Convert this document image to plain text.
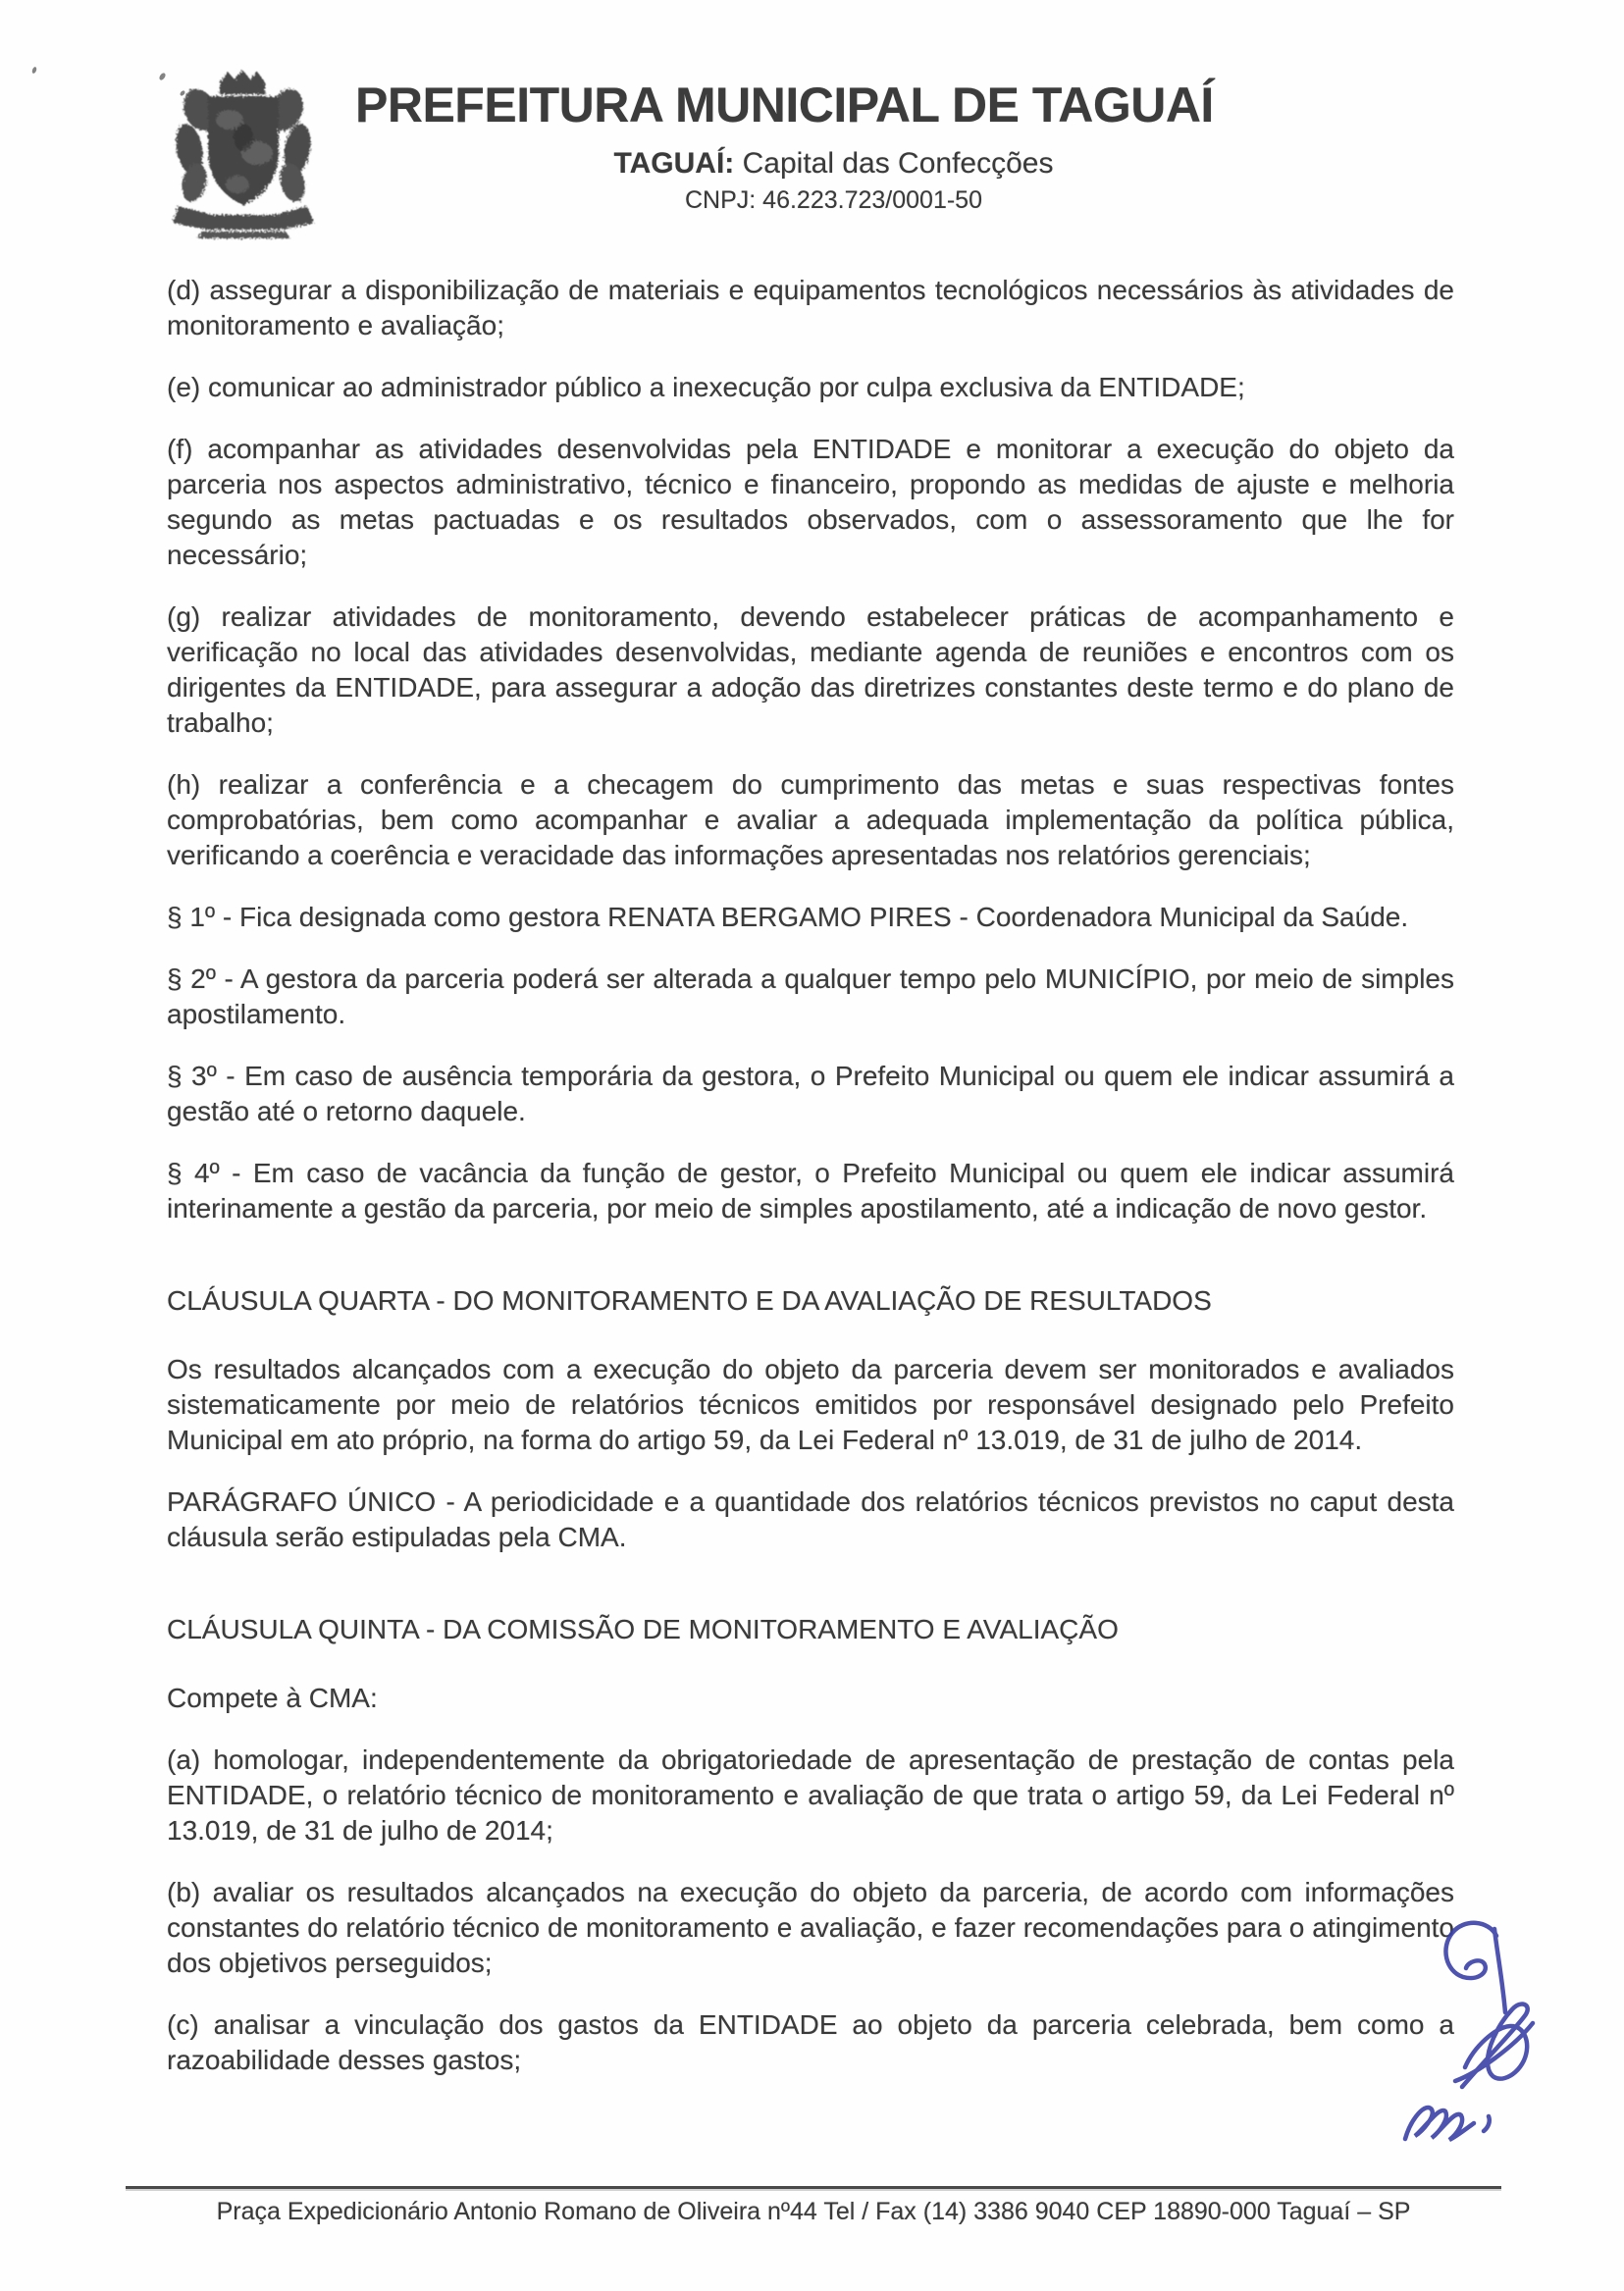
PREFEITURA MUNICIPAL DE TAGUAÍ
TAGUAÍ: Capital das Confecções
CNPJ: 46.223.723/0001-50

(d) assegurar a disponibilização de materiais e equipamentos tecnológicos necessários às atividades de monitoramento e avaliação;

(e) comunicar ao administrador público a inexecução por culpa exclusiva da ENTIDADE;

(f) acompanhar as atividades desenvolvidas pela ENTIDADE e monitorar a execução do objeto da parceria nos aspectos administrativo, técnico e financeiro, propondo as medidas de ajuste e melhoria segundo as metas pactuadas e os resultados observados, com o assessoramento que lhe for necessário;

(g) realizar atividades de monitoramento, devendo estabelecer práticas de acompanhamento e verificação no local das atividades desenvolvidas, mediante agenda de reuniões e encontros com os dirigentes da ENTIDADE, para assegurar a adoção das diretrizes constantes deste termo e do plano de trabalho;

(h) realizar a conferência e a checagem do cumprimento das metas e suas respectivas fontes comprobatórias, bem como acompanhar e avaliar a adequada implementação da política pública, verificando a coerência e veracidade das informações apresentadas nos relatórios gerenciais;

§ 1º - Fica designada como gestora RENATA BERGAMO PIRES - Coordenadora Municipal da Saúde.

§ 2º - A gestora da parceria poderá ser alterada a qualquer tempo pelo MUNICÍPIO, por meio de simples apostilamento.

§ 3º - Em caso de ausência temporária da gestora, o Prefeito Municipal ou quem ele indicar assumirá a gestão até o retorno daquele.

§ 4º - Em caso de vacância da função de gestor, o Prefeito Municipal ou quem ele indicar assumirá interinamente a gestão da parceria, por meio de simples apostilamento, até a indicação de novo gestor.

CLÁUSULA QUARTA - DO MONITORAMENTO E DA AVALIAÇÃO DE RESULTADOS

Os resultados alcançados com a execução do objeto da parceria devem ser monitorados e avaliados sistematicamente por meio de relatórios técnicos emitidos por responsável designado pelo Prefeito Municipal em ato próprio, na forma do artigo 59, da Lei Federal nº 13.019, de 31 de julho de 2014.

PARÁGRAFO ÚNICO - A periodicidade e a quantidade dos relatórios técnicos previstos no caput desta cláusula serão estipuladas pela CMA.

CLÁUSULA QUINTA - DA COMISSÃO DE MONITORAMENTO E AVALIAÇÃO

Compete à CMA:

(a) homologar, independentemente da obrigatoriedade de apresentação de prestação de contas pela ENTIDADE, o relatório técnico de monitoramento e avaliação de que trata o artigo 59, da Lei Federal nº 13.019, de 31 de julho de 2014;

(b) avaliar os resultados alcançados na execução do objeto da parceria, de acordo com informações constantes do relatório técnico de monitoramento e avaliação, e fazer recomendações para o atingimento dos objetivos perseguidos;

(c) analisar a vinculação dos gastos da ENTIDADE ao objeto da parceria celebrada, bem como a razoabilidade desses gastos;

Praça Expedicionário Antonio Romano de Oliveira nº44 Tel / Fax (14) 3386 9040 CEP 18890-000 Taguaí – SP
